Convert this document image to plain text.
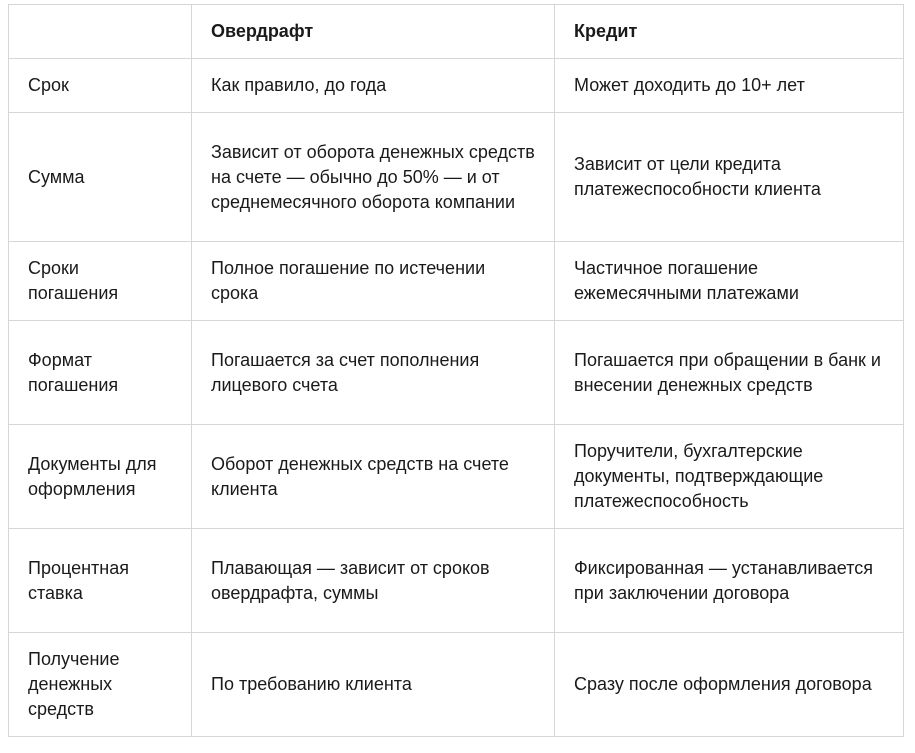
	Овердрафт	Кредит
Срок	Как правило, до года	Может доходить до 10+ лет
Сумма	Зависит от оборота денежных средств на счете — обычно до 50% — и от среднемесячного оборота компании	Зависит от цели кредита платежеспособности клиента
Сроки погашения	Полное погашение по истечении срока	Частичное погашение ежемесячными платежами
Формат погашения	Погашается за счет пополнения лицевого счета	Погашается при обращении в банк и внесении денежных средств
Документы для оформления	Оборот денежных средств на счете клиента	Поручители, бухгалтерские документы, подтверждающие платежеспособность
Процентная ставка	Плавающая — зависит от сроков овердрафта, суммы	Фиксированная — устанавливается при заключении договора
Получение денежных средств	По требованию клиента	Сразу после оформления договора
